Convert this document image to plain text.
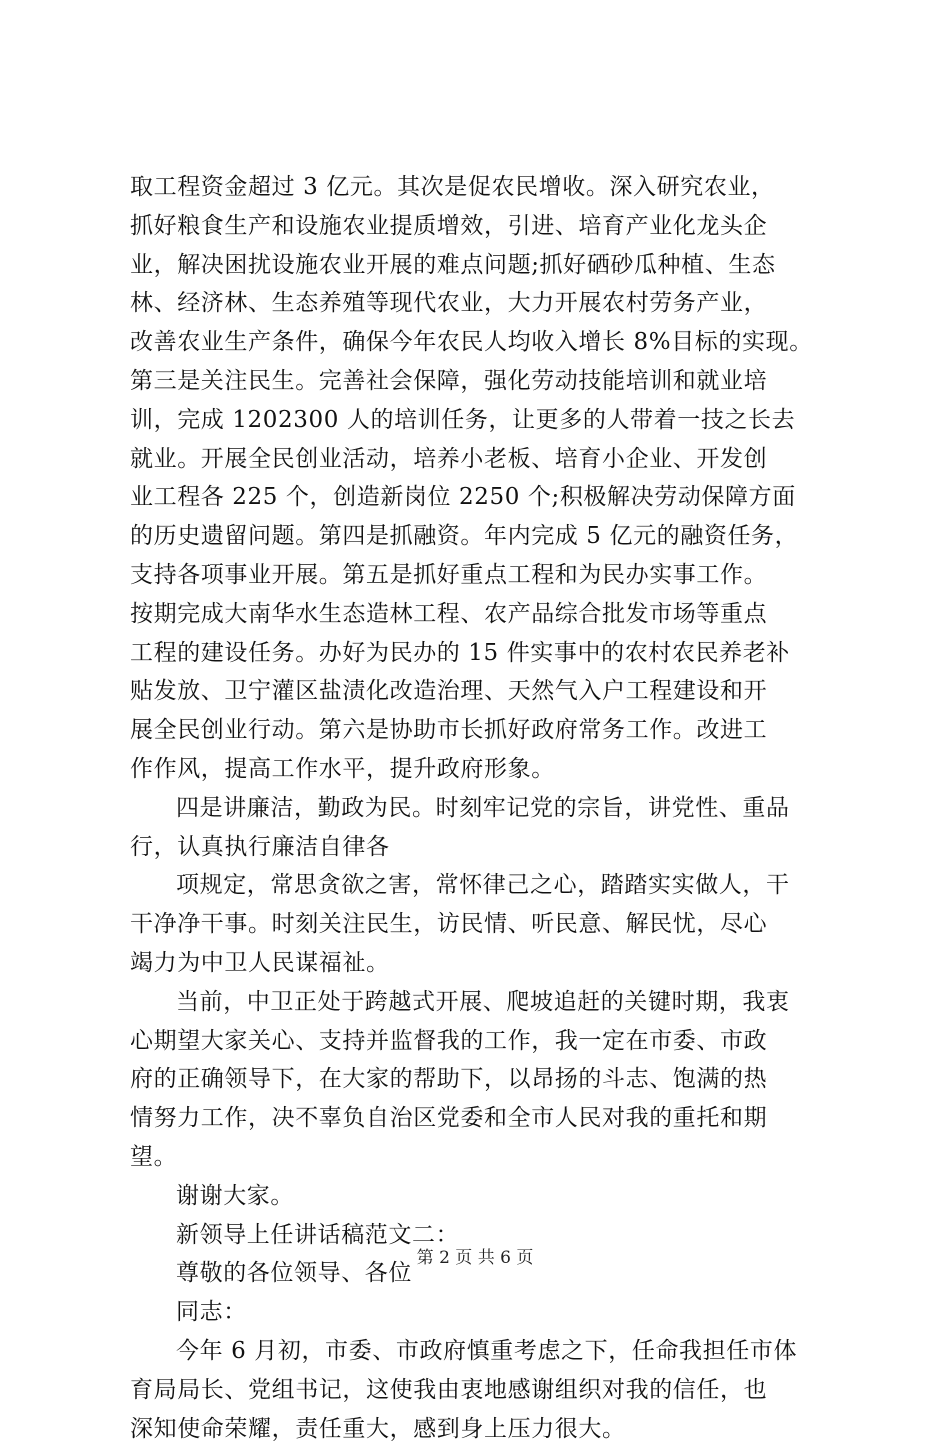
取工程资金超过 3 亿元。其次是促农民增收。深入研究农业，
抓好粮食生产和设施农业提质增效，引进、培育产业化龙头企
业，解决困扰设施农业开展的难点问题;抓好硒砂瓜种植、生态
林、经济林、生态养殖等现代农业，大力开展农村劳务产业，
改善农业生产条件，确保今年农民人均收入增长 8%目标的实现。
第三是关注民生。完善社会保障，强化劳动技能培训和就业培
训，完成 1202300 人的培训任务，让更多的人带着一技之长去
就业。开展全民创业活动，培养小老板、培育小企业、开发创
业工程各 225 个，创造新岗位 2250 个;积极解决劳动保障方面
的历史遗留问题。第四是抓融资。年内完成 5 亿元的融资任务，
支持各项事业开展。第五是抓好重点工程和为民办实事工作。
按期完成大南华水生态造林工程、农产品综合批发市场等重点
工程的建设任务。办好为民办的 15 件实事中的农村农民养老补
贴发放、卫宁灌区盐渍化改造治理、天然气入户工程建设和开
展全民创业行动。第六是协助市长抓好政府常务工作。改进工
作作风，提高工作水平，提升政府形象。
四是讲廉洁，勤政为民。时刻牢记党的宗旨，讲党性、重品
行，认真执行廉洁自律各
项规定，常思贪欲之害，常怀律己之心，踏踏实实做人，干
干净净干事。时刻关注民生，访民情、听民意、解民忧，尽心
竭力为中卫人民谋福祉。
当前，中卫正处于跨越式开展、爬坡追赶的关键时期，我衷
心期望大家关心、支持并监督我的工作，我一定在市委、市政
府的正确领导下，在大家的帮助下，以昂扬的斗志、饱满的热
情努力工作，决不辜负自治区党委和全市人民对我的重托和期
望。
谢谢大家。
新领导上任讲话稿范文二：
尊敬的各位领导、各位
同志：
今年 6 月初，市委、市政府慎重考虑之下，任命我担任市体
育局局长、党组书记，这使我由衷地感谢组织对我的信任，也
深知使命荣耀，责任重大，感到身上压力很大。
第 2 页 共 6 页
